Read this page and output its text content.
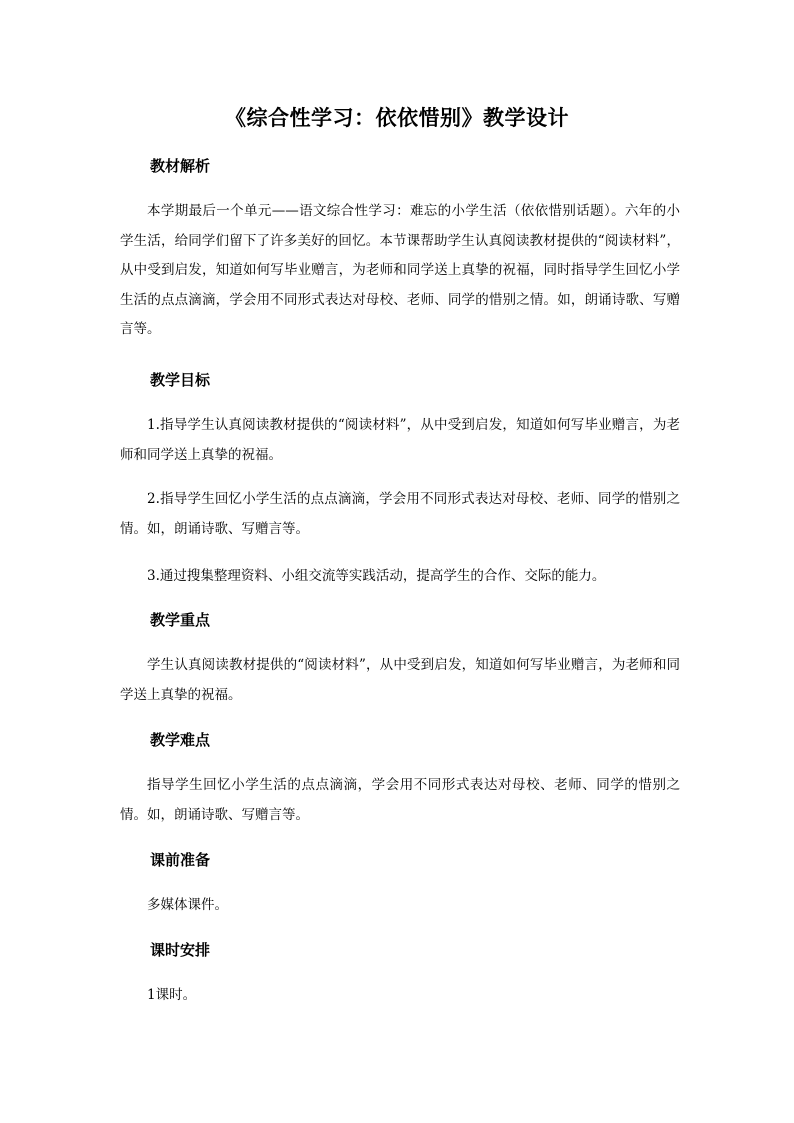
《综合性学习：依依惜别》教学设计
教材解析
本学期最后一个单元——语文综合性学习：难忘的小学生活（依依惜别话题）。六年的小学生活，给同学们留下了许多美好的回忆。本节课帮助学生认真阅读教材提供的“阅读材料”，从中受到启发，知道如何写毕业赠言，为老师和同学送上真挚的祝福，同时指导学生回忆小学生活的点点滴滴，学会用不同形式表达对母校、老师、同学的惜别之情。如，朗诵诗歌、写赠言等。
教学目标
1.指导学生认真阅读教材提供的“阅读材料”，从中受到启发，知道如何写毕业赠言，为老师和同学送上真挚的祝福。
2.指导学生回忆小学生活的点点滴滴，学会用不同形式表达对母校、老师、同学的惜别之情。如，朗诵诗歌、写赠言等。
3.通过搜集整理资料、小组交流等实践活动，提高学生的合作、交际的能力。
教学重点
学生认真阅读教材提供的“阅读材料”，从中受到启发，知道如何写毕业赠言，为老师和同学送上真挚的祝福。
教学难点
指导学生回忆小学生活的点点滴滴，学会用不同形式表达对母校、老师、同学的惜别之情。如，朗诵诗歌、写赠言等。
课前准备
多媒体课件。
课时安排
1课时。
